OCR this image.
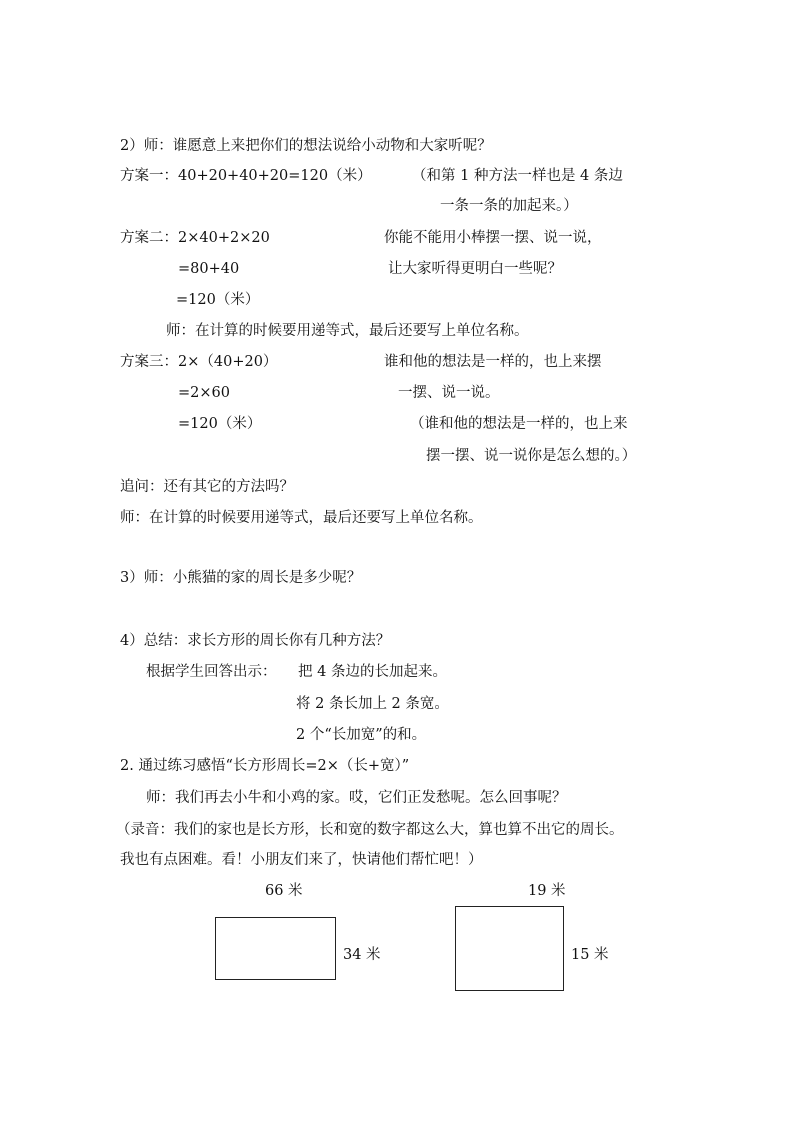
2）师：谁愿意上来把你们的想法说给小动物和大家听呢？
方案一：40+20+40+20=120（米）	（和第 1 种方法一样也是 4 条边
一条一条的加起来。）
方案二：2×40+2×20	你能不能用小棒摆一摆、说一说，
=80+40	让大家听得更明白一些呢？
=120（米）
师：在计算的时候要用递等式，最后还要写上单位名称。
方案三：2×（40+20）	谁和他的想法是一样的，也上来摆
=2×60	一摆、说一说。
=120（米）	（谁和他的想法是一样的，也上来
摆一摆、说一说你是怎么想的。）
追问：还有其它的方法吗？
师：在计算的时候要用递等式，最后还要写上单位名称。
3）师：小熊猫的家的周长是多少呢？
4）总结：求长方形的周长你有几种方法？
根据学生回答出示： 把 4 条边的长加起来。
将 2 条长加上 2 条宽。
2 个“长加宽”的和。
2. 通过练习感悟“长方形周长=2×（长+宽）”
师：我们再去小牛和小鸡的家。哎，它们正发愁呢。怎么回事呢？
（录音：我们的家也是长方形，长和宽的数字都这么大，算也算不出它的周长。
我也有点困难。看！小朋友们来了，快请他们帮忙吧！）
66 米
34 米
19 米
15 米
